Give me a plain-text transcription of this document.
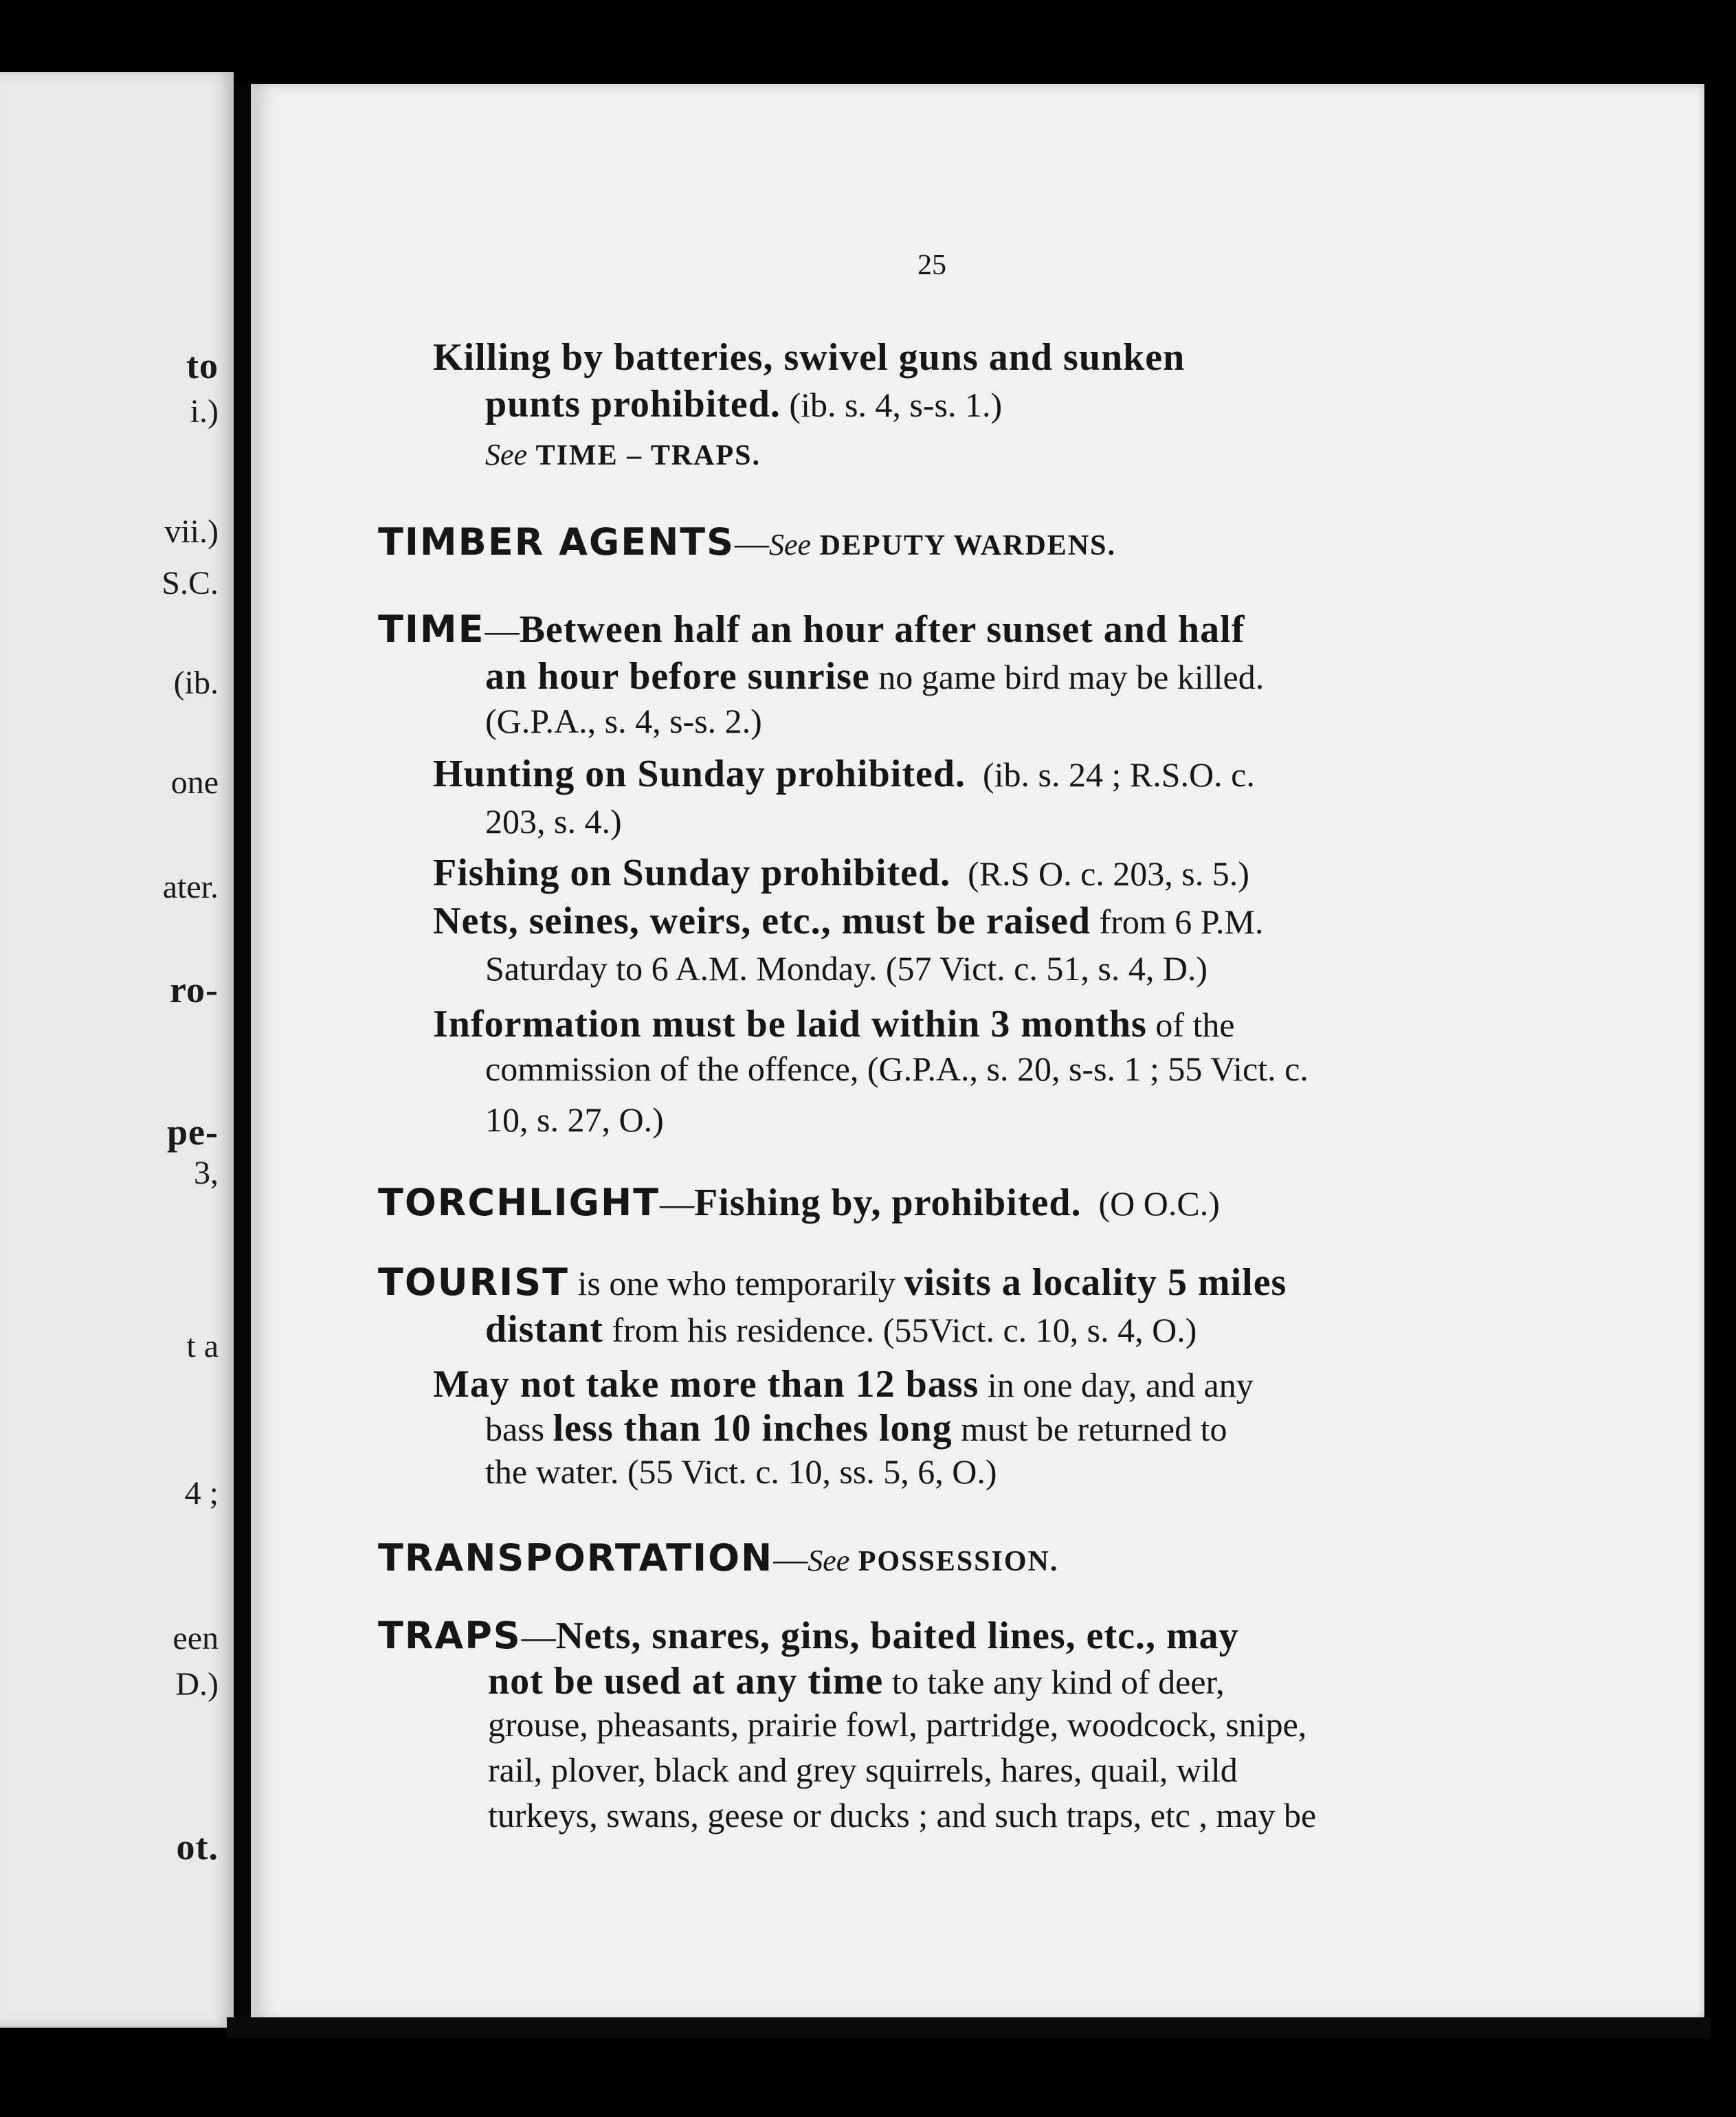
to
i.)
vii.)
S.C.
(ib.
one
ater.
ro-
pe-
3,
t a
4 ;
een
D.)
ot.
25
Killing by batteries, swivel guns and sunken
punts prohibited. (ib. s. 4, s-s. 1.)
See TIME – TRAPS.
TIMBER AGENTS—See DEPUTY WARDENS.
TIME—Between half an hour after sunset and half
an hour before sunrise no game bird may be killed.
(G.P.A., s. 4, s-s. 2.)
Hunting on Sunday prohibited. (ib. s. 24 ; R.S.O. c.
203, s. 4.)
Fishing on Sunday prohibited. (R.S O. c. 203, s. 5.)
Nets, seines, weirs, etc., must be raised from 6 P.M.
Saturday to 6 A.M. Monday. (57 Vict. c. 51, s. 4, D.)
Information must be laid within 3 months of the
commission of the offence, (G.P.A., s. 20, s-s. 1 ; 55 Vict. c.
10, s. 27, O.)
TORCHLIGHT—Fishing by, prohibited. (O O.C.)
TOURIST is one who temporarily visits a locality 5 miles
distant from his residence. (55Vict. c. 10, s. 4, O.)
May not take more than 12 bass in one day, and any
bass less than 10 inches long must be returned to
the water. (55 Vict. c. 10, ss. 5, 6, O.)
TRANSPORTATION—See POSSESSION.
TRAPS—Nets, snares, gins, baited lines, etc., may
not be used at any time to take any kind of deer,
grouse, pheasants, prairie fowl, partridge, woodcock, snipe,
rail, plover, black and grey squirrels, hares, quail, wild
turkeys, swans, geese or ducks ; and such traps, etc , may be
